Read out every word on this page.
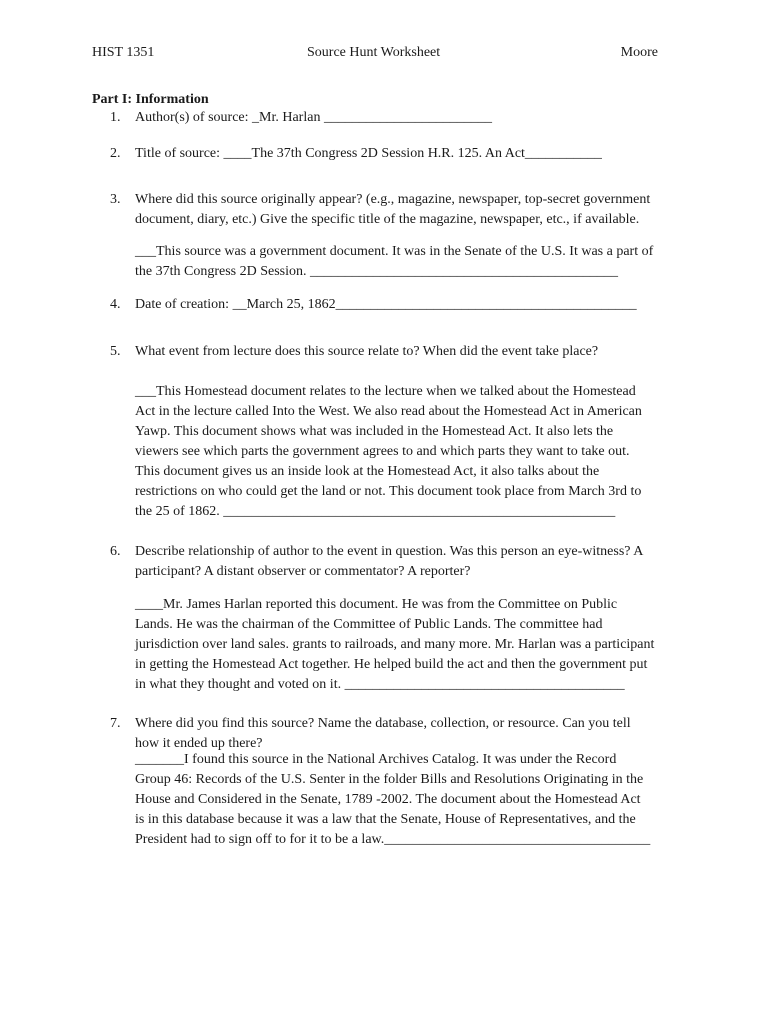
HIST 1351	Source Hunt Worksheet	Moore
Part I: Information
1.	Author(s) of source: _Mr. Harlan ________________________
2.	Title of source: ____The 37th Congress 2D Session H.R. 125. An Act___________
3.	Where did this source originally appear? (e.g., magazine, newspaper, top-secret government
document, diary, etc.) Give the specific title of the magazine, newspaper, etc., if available.
___This source was a government document. It was in the Senate of the U.S. It was a part of
the 37th Congress 2D Session. ____________________________________________
4.	Date of creation: __March 25, 1862___________________________________________
5.	What event from lecture does this source relate to? When did the event take place?
___This Homestead document relates to the lecture when we talked about the Homestead
Act in the lecture called Into the West. We also read about the Homestead Act in American
Yawp. This document shows what was included in the Homestead Act. It also lets the
viewers see which parts the government agrees to and which parts they want to take out.
This document gives us an inside look at the Homestead Act, it also talks about the
restrictions on who could get the land or not. This document took place from March 3rd to
the 25 of 1862. ________________________________________________________
6.	Describe relationship of author to the event in question. Was this person an eye-witness? A
participant? A distant observer or commentator? A reporter?
____Mr. James Harlan reported this document. He was from the Committee on Public
Lands. He was the chairman of the Committee of Public Lands. The committee had
jurisdiction over land sales. grants to railroads, and many more. Mr. Harlan was a participant
in getting the Homestead Act together. He helped build the act and then the government put
in what they thought and voted on it. ________________________________________
7.	Where did you find this source? Name the database, collection, or resource. Can you tell
how it ended up there?
_______I found this source in the National Archives Catalog. It was under the Record
Group 46: Records of the U.S. Senter in the folder Bills and Resolutions Originating in the
House and Considered in the Senate, 1789 -2002. The document about the Homestead Act
is in this database because it was a law that the Senate, House of Representatives, and the
President had to sign off to for it to be a law.______________________________________
